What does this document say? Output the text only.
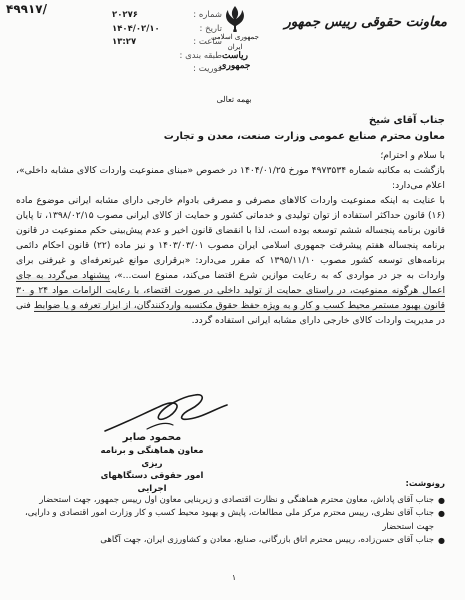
۴۹۹۱۷/	شماره :
۲۰۲۷۶
تاریخ :
۱۴۰۴/۰۲/۱۰
ساعت :
۱۳:۲۷
طبقه بندی :
فوریت :
جمهوری اسلامی ایران
ریاست جمهوری
معاونت حقوقی رییس جمهور
بهمه تعالی
جناب آقای شیخ
معاون محترم صنایع عمومی وزارت صنعت، معدن و تجارت
با سلام و احترام؛

بازگشت به مکاتبه شماره ۴۹۷۳۵۳۴ مورخ ۱۴۰۴/۰۱/۲۵ در خصوص «مبنای ممنوعیت واردات کالای مشابه داخلی»، اعلام می‌دارد:

با عنایت به اینکه ممنوعیت واردات کالاهای مصرفی و مصرفی بادوام خارجی دارای مشابه ایرانی موضوع ماده (۱۶) قانون حداکثر استفاده از توان تولیدی و خدماتی کشور و حمایت از کالای ایرانی مصوب ۱۳۹۸/۰۲/۱۵، تا پایان قانون برنامه پنجساله ششم توسعه بوده است، لذا با انقضای قانون اخیر و عدم پیش‌بینی حکم ممنوعیت در قانون برنامه پنجساله هفتم پیشرفت جمهوری اسلامی ایران مصوب ۱۴۰۳/۰۳/۰۱ و نیز ماده (۲۲) قانون احکام دائمی برنامه‌های توسعه کشور مصوب ۱۳۹۵/۱۱/۱۰ که مقرر می‌دارد: «برقراری موانع غیرتعرفه‌ای و غیرفنی برای واردات به جز در مواردی که به رعایت موازین شرع اقتضا می‌کند، ممنوع است...»، پیشنهاد می‌گردد به جای اعمال هرگونه ممنوعیت، در راستای حمایت از تولید داخلی در صورت اقتضاء، با رعایت الزامات مواد ۲۴ و ۳۰ قانون بهبود مستمر محیط کسب و کار و به ویژه حفظ حقوق مکتسبه واردکنندگان، از ابزار تعرفه و یا ضوابط فنی در مدیریت واردات کالای خارجی دارای مشابه ایرانی استفاده گردد.

محمود صابر
معاون هماهنگی و برنامه ریزی
امور حقوقی دستگاههای اجرایی	رونوشت:
●
جناب آقای پاداش، معاون محترم هماهنگی و نظارت اقتصادی و زیربنایی معاون اول رییس جمهور، جهت استحضار
●
جناب آقای نظری، رییس محترم مرکز ملی مطالعات، پایش و بهبود محیط کسب و کار وزارت امور اقتصادی و دارایی، جهت استحضار
●
جناب آقای حسن‌زاده، رییس محترم اتاق بازرگانی، صنایع، معادن و کشاورزی ایران، جهت آگاهی
۱
